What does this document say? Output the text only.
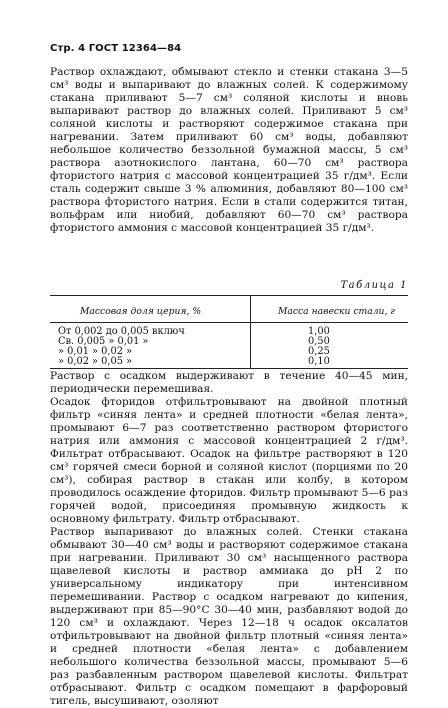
Стр. 4 ГОСТ 12364—84
Раствор охлаждают, обмывают стекло и стенки стакана 3—5 см³ воды и выпаривают до влажных солей. К содержимому стакана приливают 5—7 см³ соляной кислоты и вновь выпаривают раствор до влажных солей. Приливают 5 см³ соляной кислоты и растворяют содержимое стакана при нагревании. Затем приливают 60 см³ воды, добавляют небольшое количество беззольной бумажной массы, 5 см³ раствора азотнокислого лантана, 60—70 см³ раствора фтористого натрия с массовой концентрацией 35 г/дм³. Если сталь содержит свыше 3 % алюминия, добавляют 80—100 см³ раствора фтористого натрия. Если в стали содержится титан, вольфрам или ниобий, добавляют 60—70 см³ раствора фтористого аммония с массовой концентрацией 35 г/дм³.
Таблица 1
Массовая доля церия, %	Масса навески стали, г
От 0,002 до 0,005 включ	1,00
Св. 0,005 » 0,01 »	0,50
» 0,01 » 0,02 »	0,25
» 0,02 » 0,05 »	0,10
Раствор с осадком выдерживают в течение 40—45 мин, периодически перемешивая.
Осадок фторидов отфильтровывают на двойной плотный фильтр «синяя лента» и средней плотности «белая лента», промывают 6—7 раз соответственно раствором фтористого натрия или аммония с массовой концентрацией 2 г/дм³. Фильтрат отбрасывают. Осадок на фильтре растворяют в 120 см³ горячей смеси борной и соляной кислот (порциями по 20 см³), собирая раствор в стакан или колбу, в котором проводилось осаждение фторидов. Фильтр промывают 5—6 раз горячей водой, присоединяя промывную жидкость к основному фильтрату. Фильтр отбрасывают.
Раствор выпаривают до влажных солей. Стенки стакана обмывают 30—40 см³ воды и растворяют содержимое стакана при нагревании. Приливают 30 см³ насыщенного раствора щавелевой кислоты и раствор аммиака до pH 2 по универсальному индикатору при интенсивном перемешивании. Раствор с осадком нагревают до кипения, выдерживают при 85—90°С 30—40 мин, разбавляют водой до 120 см³ и охлаждают. Через 12—18 ч осадок оксалатов отфильтровывают на двойной фильтр плотный «синяя лента» и средней плотности «белая лента» с добавлением небольшого количества беззольной массы, промывают 5—6 раз разбавленным раствором щавелевой кислоты. Фильтрат отбрасывают. Фильтр с осадком помещают в фарфоровый тигель, высушивают, озоляют
